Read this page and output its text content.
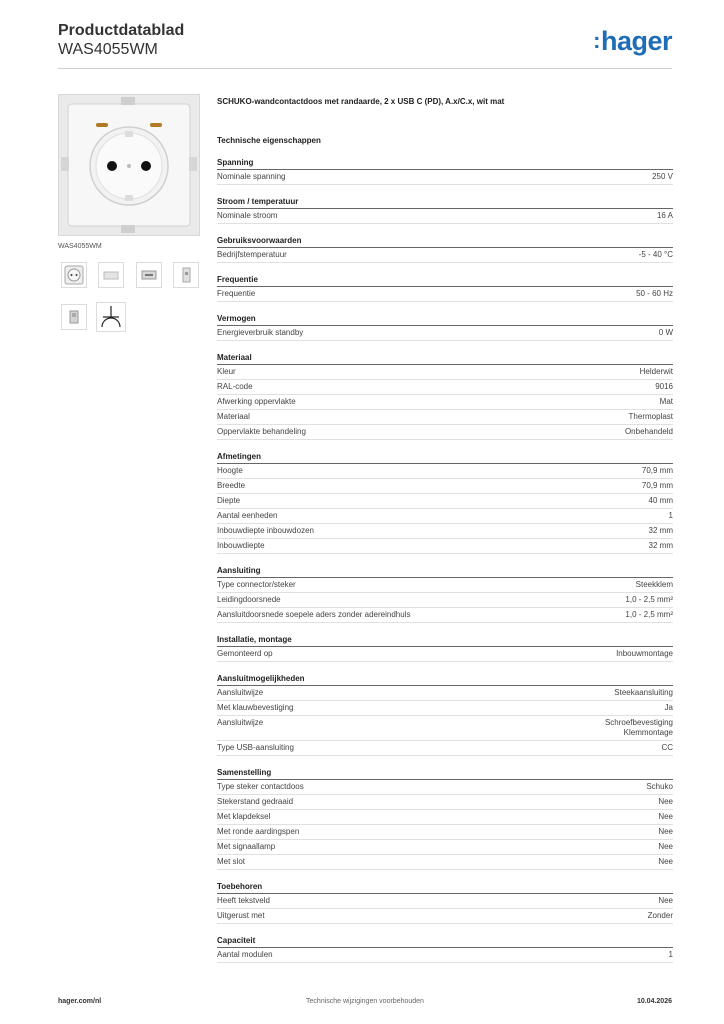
Productdatablad
WAS4055WM	:hager
WAS4055WM
SCHUKO-wandcontactdoos met randaarde, 2 x USB C (PD), A.x/C.x, wit mat
Technische eigenschappen
Spanning
Nominale spanning	250 V
Stroom / temperatuur
Nominale stroom	16 A
Gebruiksvoorwaarden
Bedrijfstemperatuur	-5 - 40 °C
Frequentie
Frequentie	50 - 60 Hz
Vermogen
Energieverbruik standby	0 W
Materiaal
Kleur	Helderwit
RAL-code	9016
Afwerking oppervlakte	Mat
Materiaal	Thermoplast
Oppervlakte behandeling	Onbehandeld
Afmetingen
Hoogte	70,9 mm
Breedte	70,9 mm
Diepte	40 mm
Aantal eenheden	1
Inbouwdiepte inbouwdozen	32 mm
Inbouwdiepte	32 mm
Aansluiting
Type connector/steker	Steekklem
Leidingdoorsnede	1,0 - 2,5 mm²
Aansluitdoorsnede soepele aders zonder adereindhuls	1,0 - 2,5 mm²
Installatie, montage
Gemonteerd op	Inbouwmontage
Aansluitmogelijkheden
Aansluitwijze	Steekaansluiting
Met klauwbevestiging	Ja
Aansluitwijze	Schroefbevestiging
Klemmontage
Type USB-aansluiting	CC
Samenstelling
Type steker contactdoos	Schuko
Stekerstand gedraaid	Nee
Met klapdeksel	Nee
Met ronde aardingspen	Nee
Met signaallamp	Nee
Met slot	Nee
Toebehoren
Heeft tekstveld	Nee
Uitgerust met	Zonder
Capaciteit
Aantal modulen	1
hager.com/nl	Technische wijzigingen voorbehouden	10.04.2026
